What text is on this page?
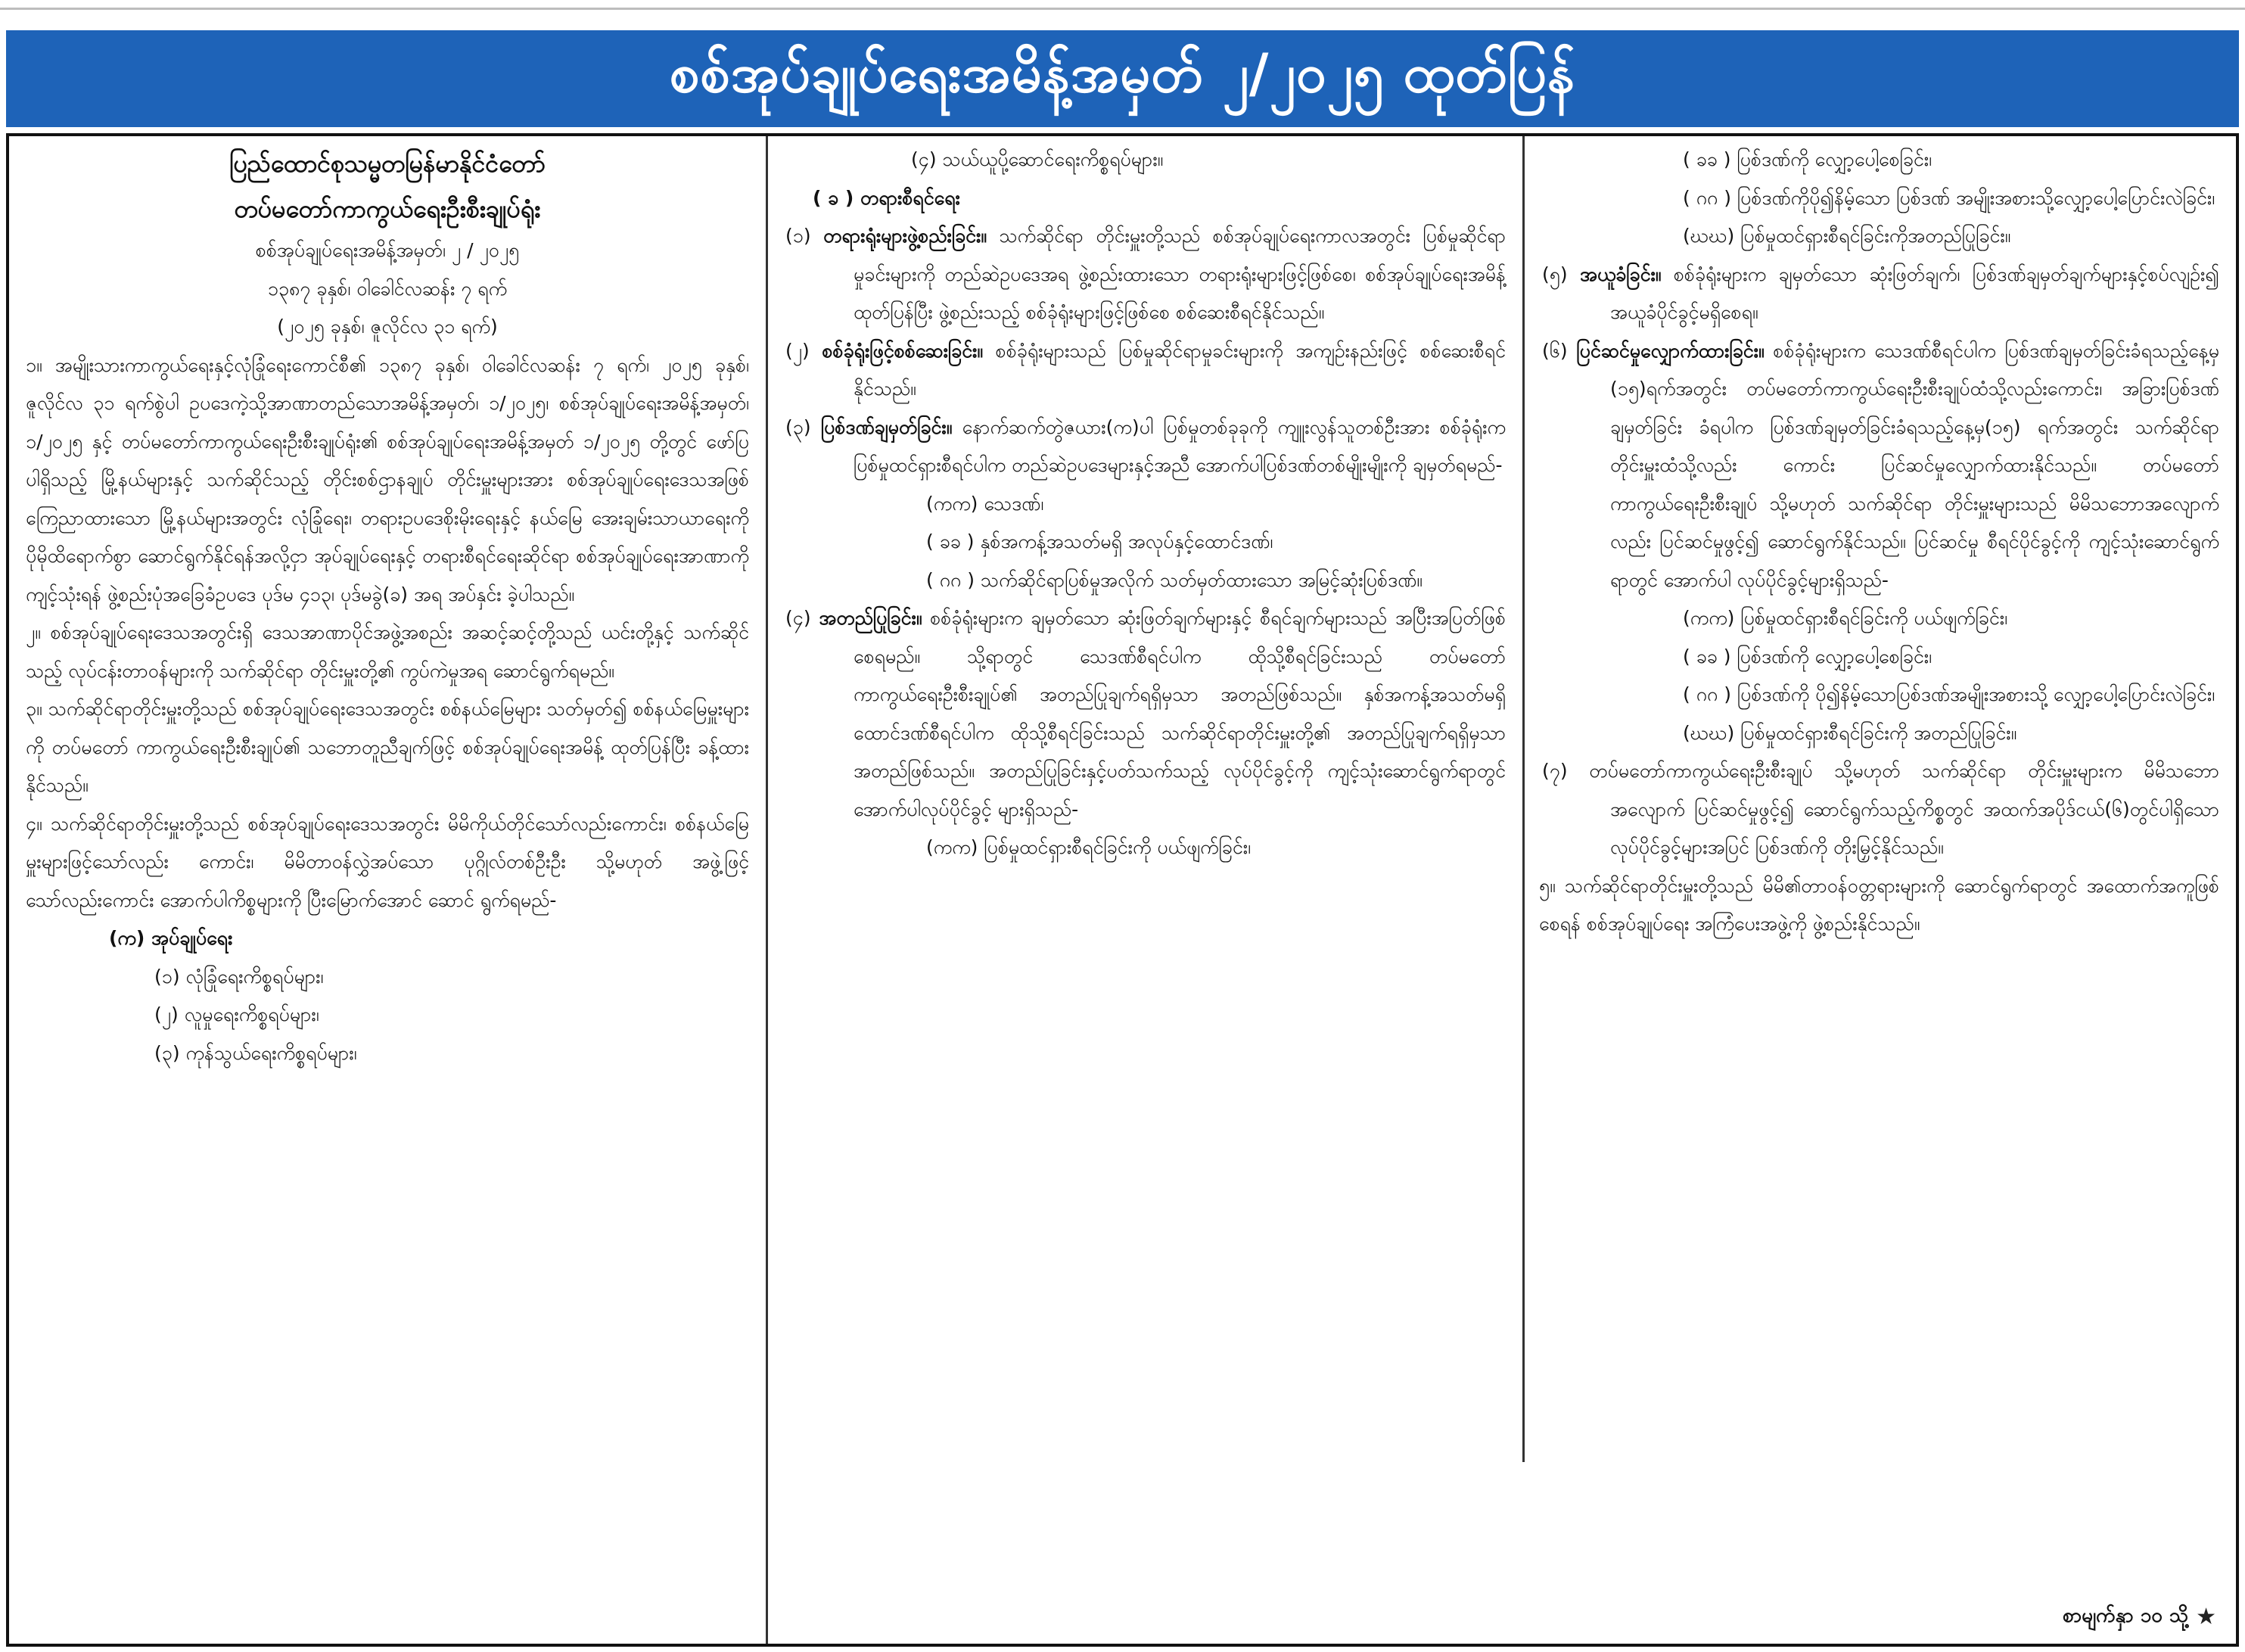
စစ်အုပ်ချုပ်ရေးအမိန့်အမှတ် ၂/၂၀၂၅ ထုတ်ပြန်

ပြည်ထောင်စုသမ္မတမြန်မာနိုင်ငံတော်

တပ်မတော်ကာကွယ်ရေးဦးစီးချုပ်ရုံး

စစ်အုပ်ချုပ်ရေးအမိန့်အမှတ်၊ ၂ / ၂၀၂၅

၁၃၈၇ ခုနှစ်၊ ဝါခေါင်လဆန်း ၇ ရက်

(၂၀၂၅ ခုနှစ်၊ ဇူလိုင်လ ၃၁ ရက်)

၁။ အမျိုးသားကာကွယ်ရေးနှင့်လုံခြုံရေးကောင်စီ၏ ၁၃၈၇ ခုနှစ်၊ ဝါခေါင်လဆန်း ၇ ရက်၊ ၂၀၂၅ ခုနှစ်၊ ဇူလိုင်လ ၃၁ ရက်စွဲပါ ဥပဒေကဲ့သို့အာဏာတည်သောအမိန့်အမှတ်၊ ၁/၂၀၂၅၊ စစ်အုပ်ချုပ်ရေးအမိန့်အမှတ်၊ ၁/၂၀၂၅ နှင့် တပ်မတော်ကာကွယ်ရေးဦးစီးချုပ်ရုံး၏ စစ်အုပ်ချုပ်ရေးအမိန့်အမှတ် ၁/၂၀၂၅ တို့တွင် ဖော်ပြပါရှိသည့် မြို့နယ်များနှင့် သက်ဆိုင်သည့် တိုင်းစစ်ဌာနချုပ် တိုင်းမှူးများအား စစ်အုပ်ချုပ်ရေးဒေသအဖြစ် ကြေညာထားသော မြို့နယ်များအတွင်း လုံခြုံရေး၊ တရားဥပဒေစိုးမိုးရေးနှင့် နယ်မြေ အေးချမ်းသာယာရေးကို ပိုမိုထိရောက်စွာ ဆောင်ရွက်နိုင်ရန်အလို့ငှာ အုပ်ချုပ်ရေးနှင့် တရားစီရင်ရေးဆိုင်ရာ စစ်အုပ်ချုပ်ရေးအာဏာကိုကျင့်သုံးရန် ဖွဲ့စည်းပုံအခြေခံဥပဒေ ပုဒ်မ ၄၁၃၊ ပုဒ်မခွဲ(ခ) အရ အပ်နှင်း ခဲ့ပါသည်။

၂။ စစ်အုပ်ချုပ်ရေးဒေသအတွင်းရှိ ဒေသအာဏာပိုင်အဖွဲ့အစည်း အဆင့်ဆင့်တို့သည် ယင်းတို့နှင့် သက်ဆိုင်သည့် လုပ်ငန်းတာဝန်များကို သက်ဆိုင်ရာ တိုင်းမှူးတို့၏ ကွပ်ကဲမှုအရ ဆောင်ရွက်ရမည်။

၃။ သက်ဆိုင်ရာတိုင်းမှူးတို့သည် စစ်အုပ်ချုပ်ရေးဒေသအတွင်း စစ်နယ်မြေများ သတ်မှတ်၍ စစ်နယ်မြေမှူးများကို တပ်မတော် ကာကွယ်ရေးဦးစီးချုပ်၏ သဘောတူညီချက်ဖြင့် စစ်အုပ်ချုပ်ရေးအမိန့် ထုတ်ပြန်ပြီး ခန့်ထားနိုင်သည်။

၄။ သက်ဆိုင်ရာတိုင်းမှူးတို့သည် စစ်အုပ်ချုပ်ရေးဒေသအတွင်း မိမိကိုယ်တိုင်သော်လည်းကောင်း၊ စစ်နယ်မြေမှူးများဖြင့်သော်လည်း ကောင်း၊ မိမိတာဝန်လွှဲအပ်သော ပုဂ္ဂိုလ်တစ်ဦးဦး သို့မဟုတ် အဖွဲ့ဖြင့် သော်လည်းကောင်း အောက်ပါကိစ္စများကို ပြီးမြောက်အောင် ဆောင် ရွက်ရမည်-

(က) အုပ်ချုပ်ရေး

(၁) လုံခြုံရေးကိစ္စရပ်များ၊

(၂) လူမှုရေးကိစ္စရပ်များ၊

(၃) ကုန်သွယ်ရေးကိစ္စရပ်များ၊

(၄) သယ်ယူပို့ဆောင်ရေးကိစ္စရပ်များ။

( ခ ) တရားစီရင်ရေး

(၁) တရားရုံးများဖွဲ့စည်းခြင်း။ သက်ဆိုင်ရာ တိုင်းမှူးတို့သည် စစ်အုပ်ချုပ်ရေးကာလအတွင်း ပြစ်မှုဆိုင်ရာမှုခင်းများကို တည်ဆဲဥပဒေအရ ဖွဲ့စည်းထားသော တရားရုံးများဖြင့်ဖြစ်စေ၊ စစ်အုပ်ချုပ်ရေးအမိန့် ထုတ်ပြန်ပြီး ဖွဲ့စည်းသည့် စစ်ခုံရုံးများဖြင့်ဖြစ်စေ စစ်ဆေးစီရင်နိုင်သည်။

(၂) စစ်ခုံရုံးဖြင့်စစ်ဆေးခြင်း။ စစ်ခုံရုံးများသည် ပြစ်မှုဆိုင်ရာမှုခင်းများကို အကျဉ်းနည်းဖြင့် စစ်ဆေးစီရင်နိုင်သည်။

(၃) ပြစ်ဒဏ်ချမှတ်ခြင်း။ နောက်ဆက်တွဲဇယား(က)ပါ ပြစ်မှုတစ်ခုခုကို ကျူးလွန်သူတစ်ဦးအား စစ်ခုံရုံးက ပြစ်မှုထင်ရှားစီရင်ပါက တည်ဆဲဥပဒေများနှင့်အညီ အောက်ပါပြစ်ဒဏ်တစ်မျိုးမျိုးကို ချမှတ်ရမည်-

(ကက) သေဒဏ်၊

( ခခ ) နှစ်အကန့်အသတ်မရှိ အလုပ်နှင့်ထောင်ဒဏ်၊

( ဂဂ ) သက်ဆိုင်ရာပြစ်မှုအလိုက် သတ်မှတ်ထားသော အမြင့်ဆုံးပြစ်ဒဏ်။

(၄) အတည်ပြုခြင်း။ စစ်ခုံရုံးများက ချမှတ်သော ဆုံးဖြတ်ချက်များနှင့် စီရင်ချက်များသည် အပြီးအပြတ်ဖြစ်စေရမည်။ သို့ရာတွင် သေဒဏ်စီရင်ပါက ထိုသို့စီရင်ခြင်းသည် တပ်မတော်ကာကွယ်ရေးဦးစီးချုပ်၏ အတည်ပြုချက်ရရှိမှသာ အတည်ဖြစ်သည်။ နှစ်အကန့်အသတ်မရှိ ထောင်ဒဏ်စီရင်ပါက ထိုသို့စီရင်ခြင်းသည် သက်ဆိုင်ရာတိုင်းမှူးတို့၏ အတည်ပြုချက်ရရှိမှသာ အတည်ဖြစ်သည်။ အတည်ပြုခြင်းနှင့်ပတ်သက်သည့် လုပ်ပိုင်ခွင့်ကို ကျင့်သုံးဆောင်ရွက်ရာတွင် အောက်ပါလုပ်ပိုင်ခွင့် များရှိသည်-

(ကက) ပြစ်မှုထင်ရှားစီရင်ခြင်းကို ပယ်ဖျက်ခြင်း၊

( ခခ ) ပြစ်ဒဏ်ကို လျှော့ပေါ့စေခြင်း၊

( ဂဂ ) ပြစ်ဒဏ်ကိုပို၍နိမ့်သော ပြစ်ဒဏ် အမျိုးအစားသို့လျှော့ပေါ့ပြောင်းလဲခြင်း၊

(ဃဃ) ပြစ်မှုထင်ရှားစီရင်ခြင်းကိုအတည်ပြုခြင်း။

(၅) အယူခံခြင်း။ စစ်ခုံရုံးများက ချမှတ်သော ဆုံးဖြတ်ချက်၊ ပြစ်ဒဏ်ချမှတ်ချက်များနှင့်စပ်လျဉ်း၍ အယူခံပိုင်ခွင့်မရှိစေရ။

(၆) ပြင်ဆင်မှုလျှောက်ထားခြင်း။ စစ်ခုံရုံးများက သေဒဏ်စီရင်ပါက ပြစ်ဒဏ်ချမှတ်ခြင်းခံရသည့်နေ့မှ (၁၅)ရက်အတွင်း တပ်မတော်ကာကွယ်ရေးဦးစီးချုပ်ထံသို့လည်းကောင်း၊ အခြားပြစ်ဒဏ်ချမှတ်ခြင်း ခံရပါက ပြစ်ဒဏ်ချမှတ်ခြင်းခံရသည့်နေ့မှ(၁၅) ရက်အတွင်း သက်ဆိုင်ရာ တိုင်းမှူးထံသို့လည်း ကောင်း ပြင်ဆင်မှုလျှောက်ထားနိုင်သည်။ တပ်မတော်ကာကွယ်ရေးဦးစီးချုပ် သို့မဟုတ် သက်ဆိုင်ရာ တိုင်းမှူးများသည် မိမိသဘောအလျောက်လည်း ပြင်ဆင်မှုဖွင့်၍ ဆောင်ရွက်နိုင်သည်။ ပြင်ဆင်မှု စီရင်ပိုင်ခွင့်ကို ကျင့်သုံးဆောင်ရွက်ရာတွင် အောက်ပါ လုပ်ပိုင်ခွင့်များရှိသည်-

(ကက) ပြစ်မှုထင်ရှားစီရင်ခြင်းကို ပယ်ဖျက်ခြင်း၊

( ခခ ) ပြစ်ဒဏ်ကို လျှော့ပေါ့စေခြင်း၊

( ဂဂ ) ပြစ်ဒဏ်ကို ပို၍နိမ့်သောပြစ်ဒဏ်အမျိုးအစားသို့ လျှော့ပေါ့ပြောင်းလဲခြင်း၊

(ဃဃ) ပြစ်မှုထင်ရှားစီရင်ခြင်းကို အတည်ပြုခြင်း။

(၇) တပ်မတော်ကာကွယ်ရေးဦးစီးချုပ် သို့မဟုတ် သက်ဆိုင်ရာ တိုင်းမှူးများက မိမိသဘော အလျောက် ပြင်ဆင်မှုဖွင့်၍ ဆောင်ရွက်သည့်ကိစ္စတွင် အထက်အပိုဒ်ငယ်(၆)တွင်ပါရှိသော လုပ်ပိုင်ခွင့်များအပြင် ပြစ်ဒဏ်ကို တိုးမြှင့်နိုင်သည်။

၅။ သက်ဆိုင်ရာတိုင်းမှူးတို့သည် မိမိ၏တာဝန်ဝတ္တရားများကို ဆောင်ရွက်ရာတွင် အထောက်အကူဖြစ်စေရန် စစ်အုပ်ချုပ်ရေး အကြံပေးအဖွဲ့ကို ဖွဲ့စည်းနိုင်သည်။

စာမျက်နှာ ၁၀ သို့ ★
